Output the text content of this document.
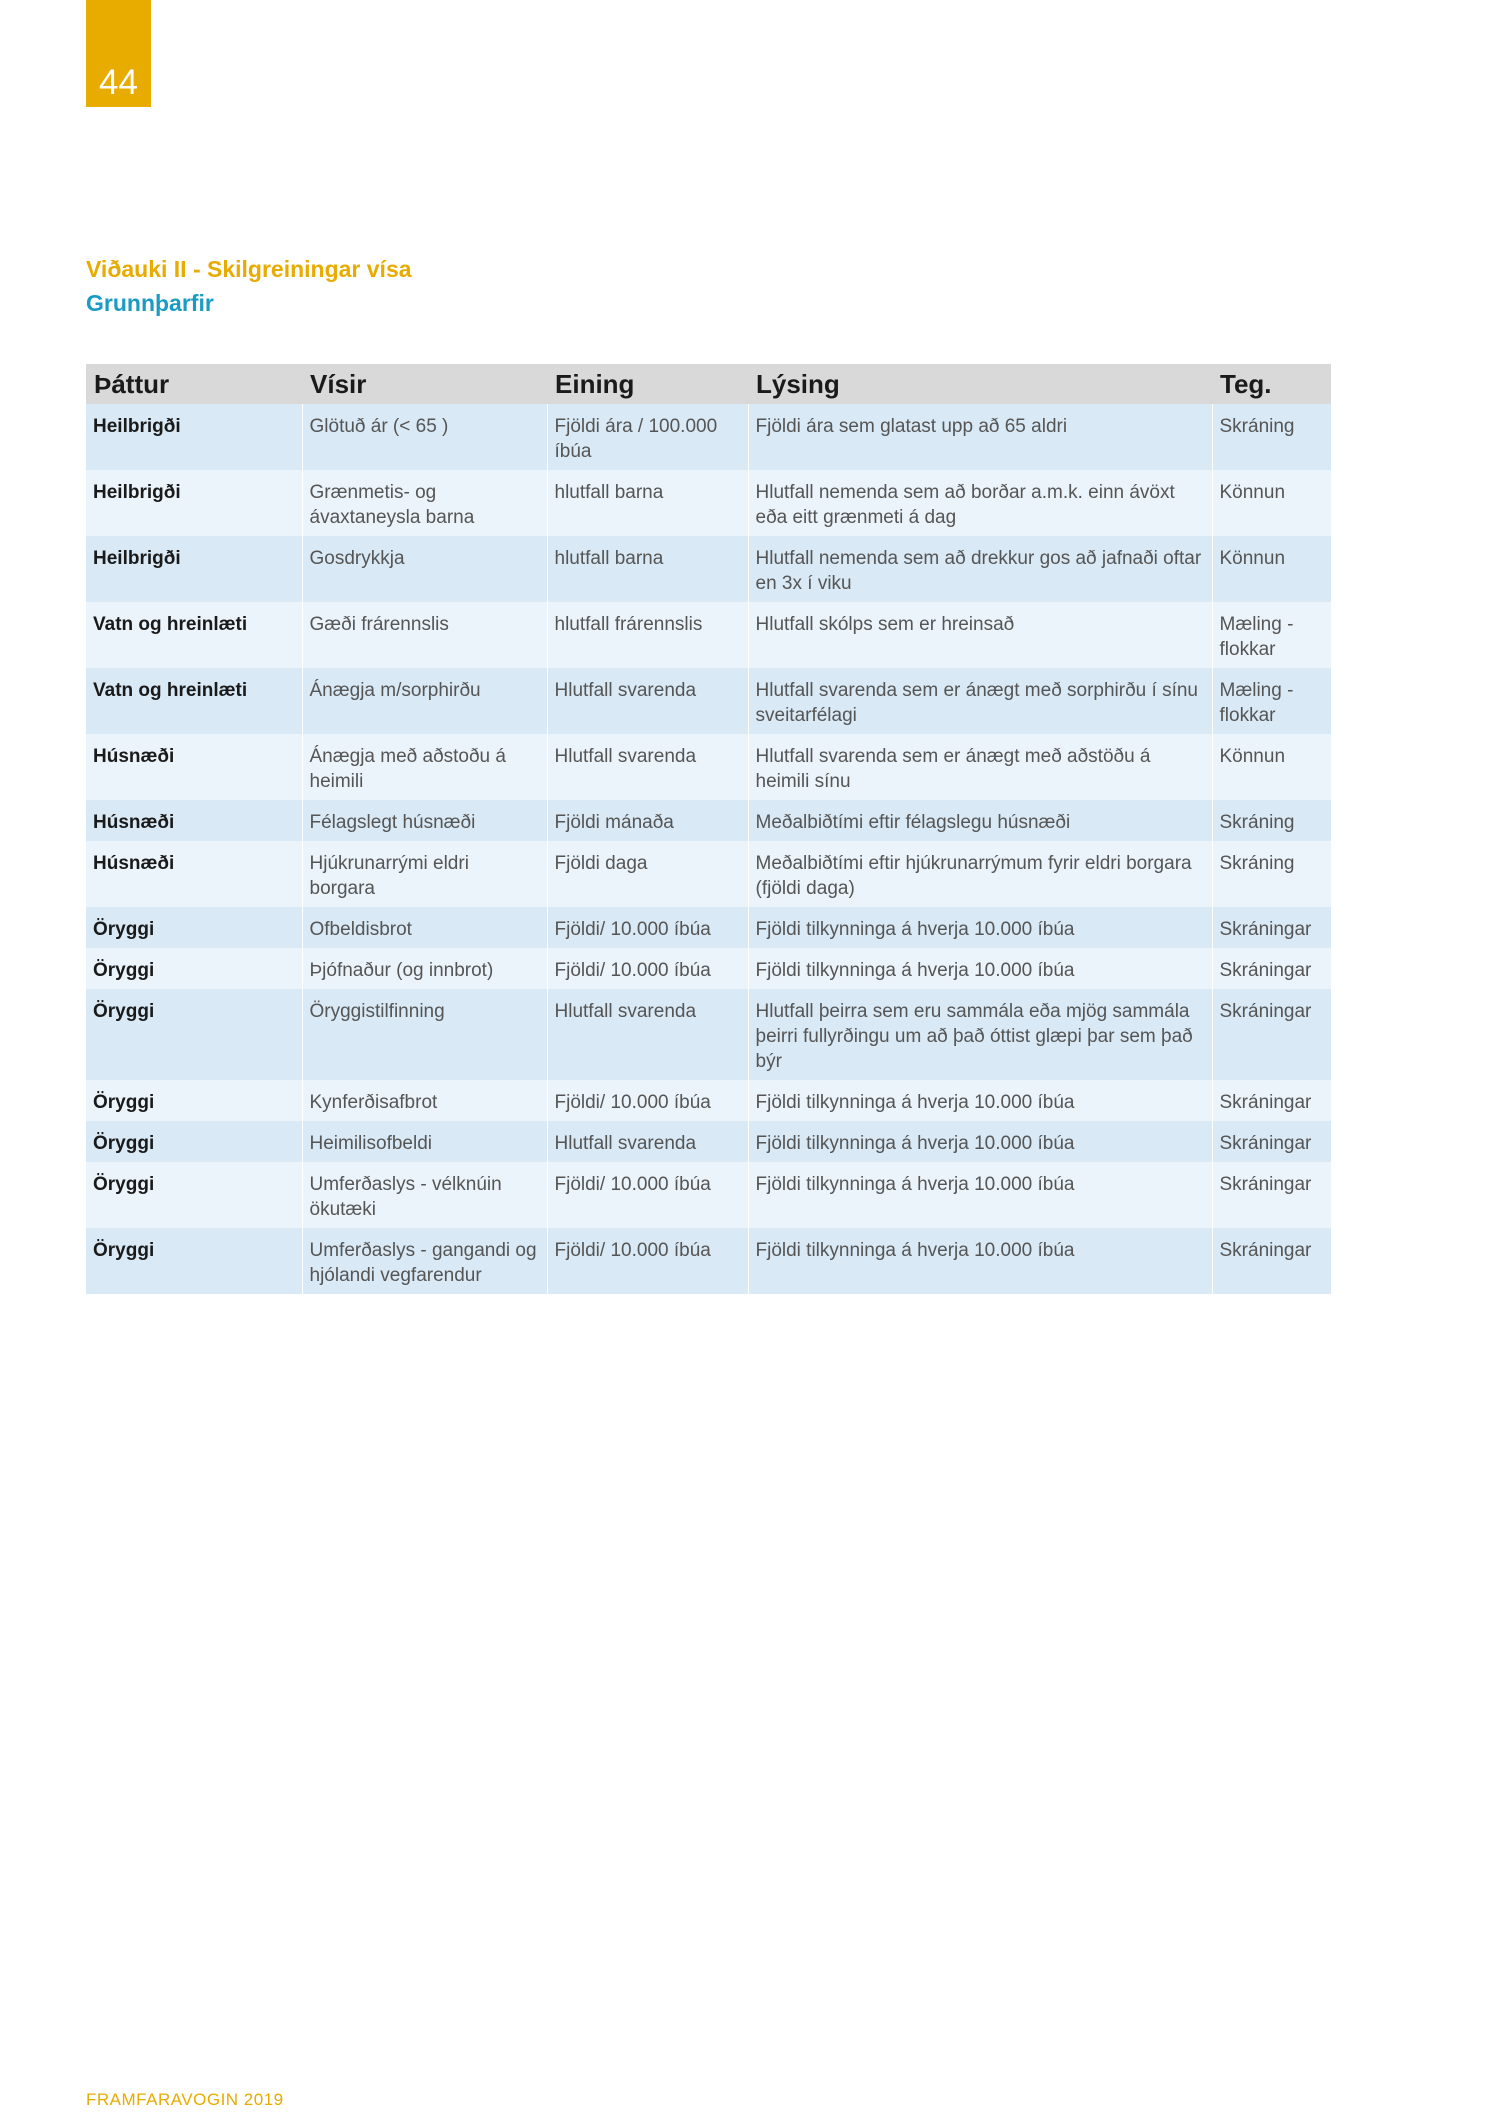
44
Viðauki II - Skilgreiningar vísa
Grunnþarfir
Þáttur	Vísir	Eining	Lýsing	Teg.
Heilbrigði	Glötuð ár (< 65 )	Fjöldi ára / 100.000 íbúa	Fjöldi ára sem glatast upp að 65 aldri	Skráning
Heilbrigði	Grænmetis- og ávaxtaneysla barna	hlutfall barna	Hlutfall nemenda sem að borðar a.m.k. einn ávöxt eða eitt grænmeti á dag	Könnun
Heilbrigði	Gosdrykkja	hlutfall barna	Hlutfall nemenda sem að drekkur gos að jafnaði oftar en 3x í viku	Könnun
Vatn og hreinlæti	Gæði frárennslis	hlutfall frárennslis	Hlutfall skólps sem er hreinsað	Mæling - flokkar
Vatn og hreinlæti	Ánægja m/sorphirðu	Hlutfall svarenda	Hlutfall svarenda sem er ánægt með sorphirðu í sínu sveitarfélagi	Mæling - flokkar
Húsnæði	Ánægja með aðstoðu á heimili	Hlutfall svarenda	Hlutfall svarenda sem er ánægt með aðstöðu á heimili sínu	Könnun
Húsnæði	Félagslegt húsnæði	Fjöldi mánaða	Meðalbiðtími eftir félagslegu húsnæði	Skráning
Húsnæði	Hjúkrunarrými eldri borgara	Fjöldi daga	Meðalbiðtími eftir hjúkrunarrýmum fyrir eldri borgara (fjöldi daga)	Skráning
Öryggi	Ofbeldisbrot	Fjöldi/ 10.000 íbúa	Fjöldi tilkynninga á hverja 10.000 íbúa	Skráningar
Öryggi	Þjófnaður (og innbrot)	Fjöldi/ 10.000 íbúa	Fjöldi tilkynninga á hverja 10.000 íbúa	Skráningar
Öryggi	Öryggistilfinning	Hlutfall svarenda	Hlutfall þeirra sem eru sammála eða mjög sammála þeirri fullyrðingu um að það óttist glæpi þar sem það býr	Skráningar
Öryggi	Kynferðisafbrot	Fjöldi/ 10.000 íbúa	Fjöldi tilkynninga á hverja 10.000 íbúa	Skráningar
Öryggi	Heimilisofbeldi	Hlutfall svarenda	Fjöldi tilkynninga á hverja 10.000 íbúa	Skráningar
Öryggi	Umferðaslys - vélknúin ökutæki	Fjöldi/ 10.000 íbúa	Fjöldi tilkynninga á hverja 10.000 íbúa	Skráningar
Öryggi	Umferðaslys - gangandi og hjólandi vegfarendur	Fjöldi/ 10.000 íbúa	Fjöldi tilkynninga á hverja 10.000 íbúa	Skráningar
FRAMFARAVOGIN 2019
